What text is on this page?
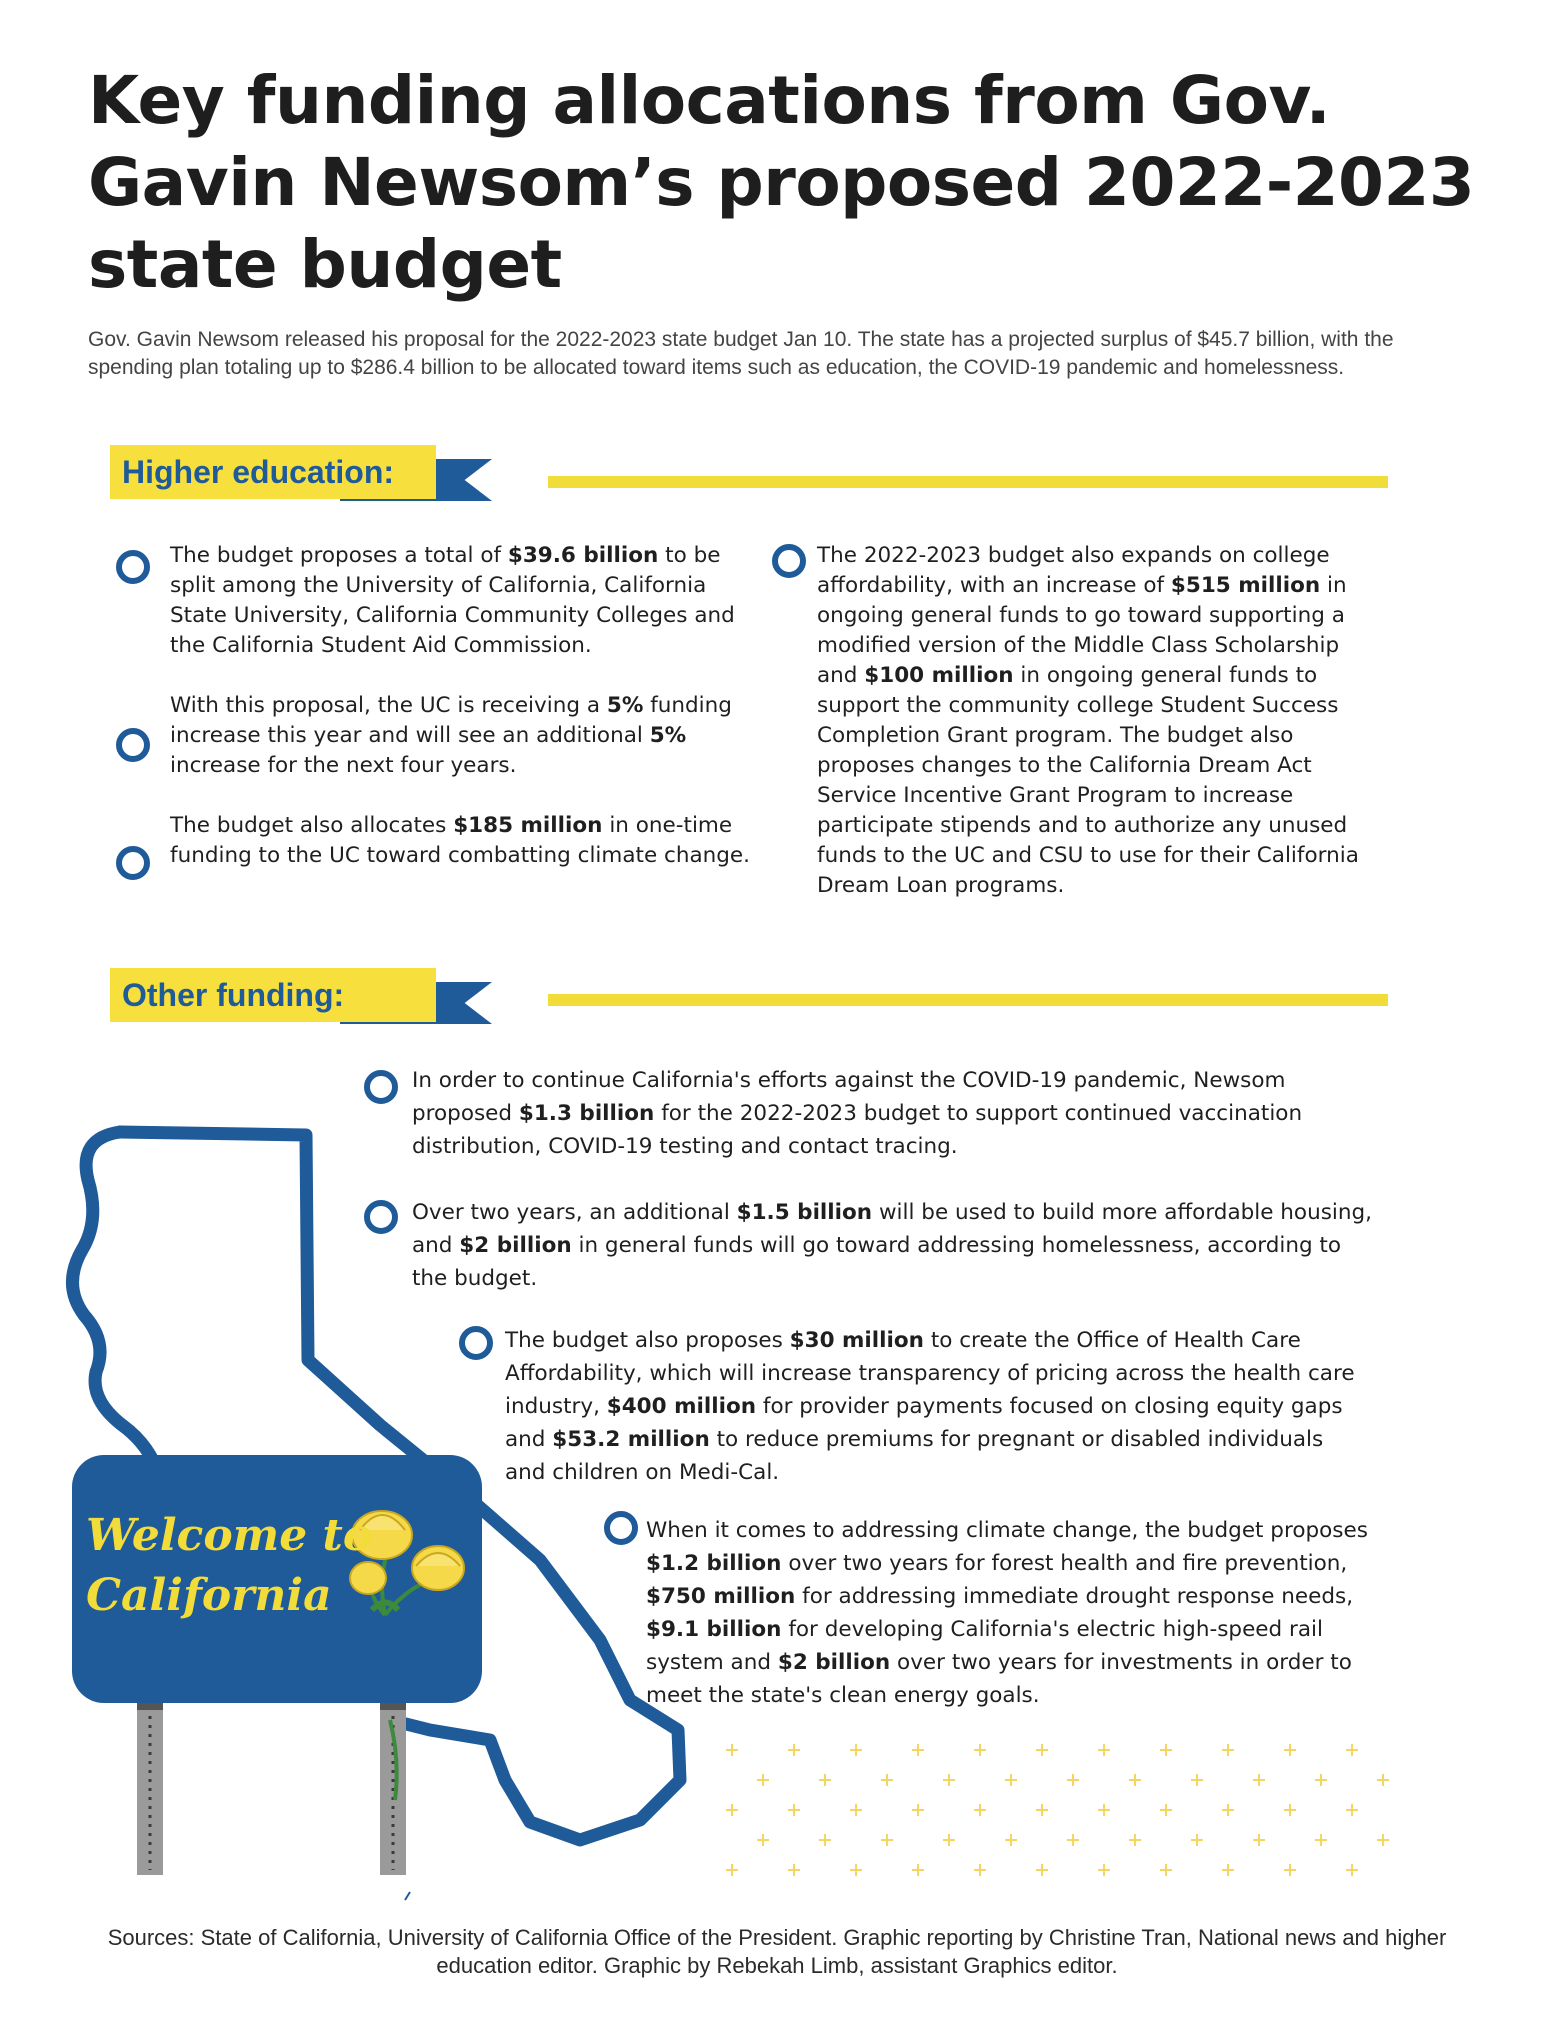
Key funding allocations from Gov. Gavin Newsom’s proposed 2022-2023 state budget

Gov. Gavin Newsom released his proposal for the 2022-2023 state budget Jan 10. The state has a projected surplus of $45.7 billion, with the spending plan totaling up to $286.4 billion to be allocated toward items such as education, the COVID-19 pandemic and homelessness.

Higher education:

The budget proposes a total of $39.6 billion to be split among the University of California, California State University, California Community Colleges and the California Student Aid Commission.

With this proposal, the UC is receiving a 5% funding increase this year and will see an additional 5% increase for the next four years.

The budget also allocates $185 million in one-time funding to the UC toward combatting climate change.

The 2022-2023 budget also expands on college affordability, with an increase of $515 million in ongoing general funds to go toward supporting a modified version of the Middle Class Scholarship and $100 million in ongoing general funds to support the community college Student Success Completion Grant program. The budget also proposes changes to the California Dream Act Service Incentive Grant Program to increase participate stipends and to authorize any unused funds to the UC and CSU to use for their California Dream Loan programs.

Other funding:
Welcome to
California

In order to continue California's efforts against the COVID-19 pandemic, Newsom proposed $1.3 billion for the 2022-2023 budget to support continued vaccination distribution, COVID-19 testing and contact tracing.

Over two years, an additional $1.5 billion will be used to build more affordable housing, and $2 billion in general funds will go toward addressing homelessness, according to the budget.

The budget also proposes $30 million to create the Office of Health Care Affordability, which will increase transparency of pricing across the health care industry, $400 million for provider payments focused on closing equity gaps and $53.2 million to reduce premiums for pregnant or disabled individuals and children on Medi-Cal.

When it comes to addressing climate change, the budget proposes $1.2 billion over two years for forest health and fire prevention, $750 million for addressing immediate drought response needs, $9.1 billion for developing California's electric high-speed rail system and $2 billion over two years for investments in order to meet the state's clean energy goals.

Sources: State of California, University of California Office of the President. Graphic reporting by Christine Tran, National news and higher education editor. Graphic by Rebekah Limb, assistant Graphics editor.
